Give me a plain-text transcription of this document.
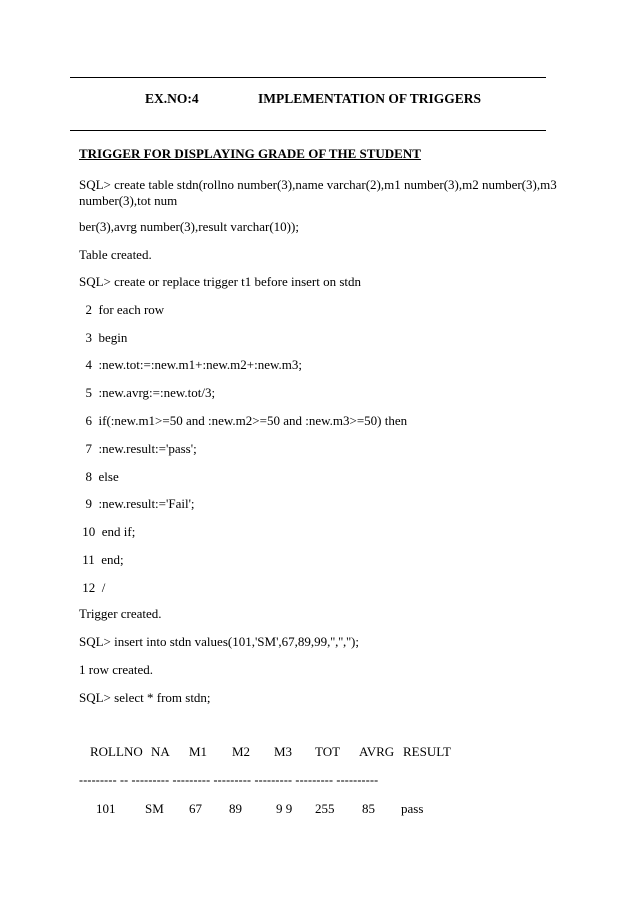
EX.NO:4	IMPLEMENTATION OF TRIGGERS
TRIGGER FOR DISPLAYING GRADE OF THE STUDENT
SQL> create table stdn(rollno number(3),name varchar(2),m1 number(3),m2 number(3),m3
number(3),tot num
ber(3),avrg number(3),result varchar(10));
Table created.
SQL> create or replace trigger t1 before insert on stdn
2  for each row
3  begin
4  :new.tot:=:new.m1+:new.m2+:new.m3;
5  :new.avrg:=:new.tot/3;
6  if(:new.m1>=50 and :new.m2>=50 and :new.m3>=50) then
7  :new.result:='pass';
8  else
9  :new.result:='Fail';
10  end if;
11  end;
12  /
Trigger created.
SQL> insert into stdn values(101,'SM',67,89,99,'','','');
1 row created.
SQL> select * from stdn;
ROLLNO NA M1 M2 M3 TOT AVRG RESULT
--------- -- --------- --------- --------- --------- --------- ----------
101 SM 67 89	9 9 255 85 pass
